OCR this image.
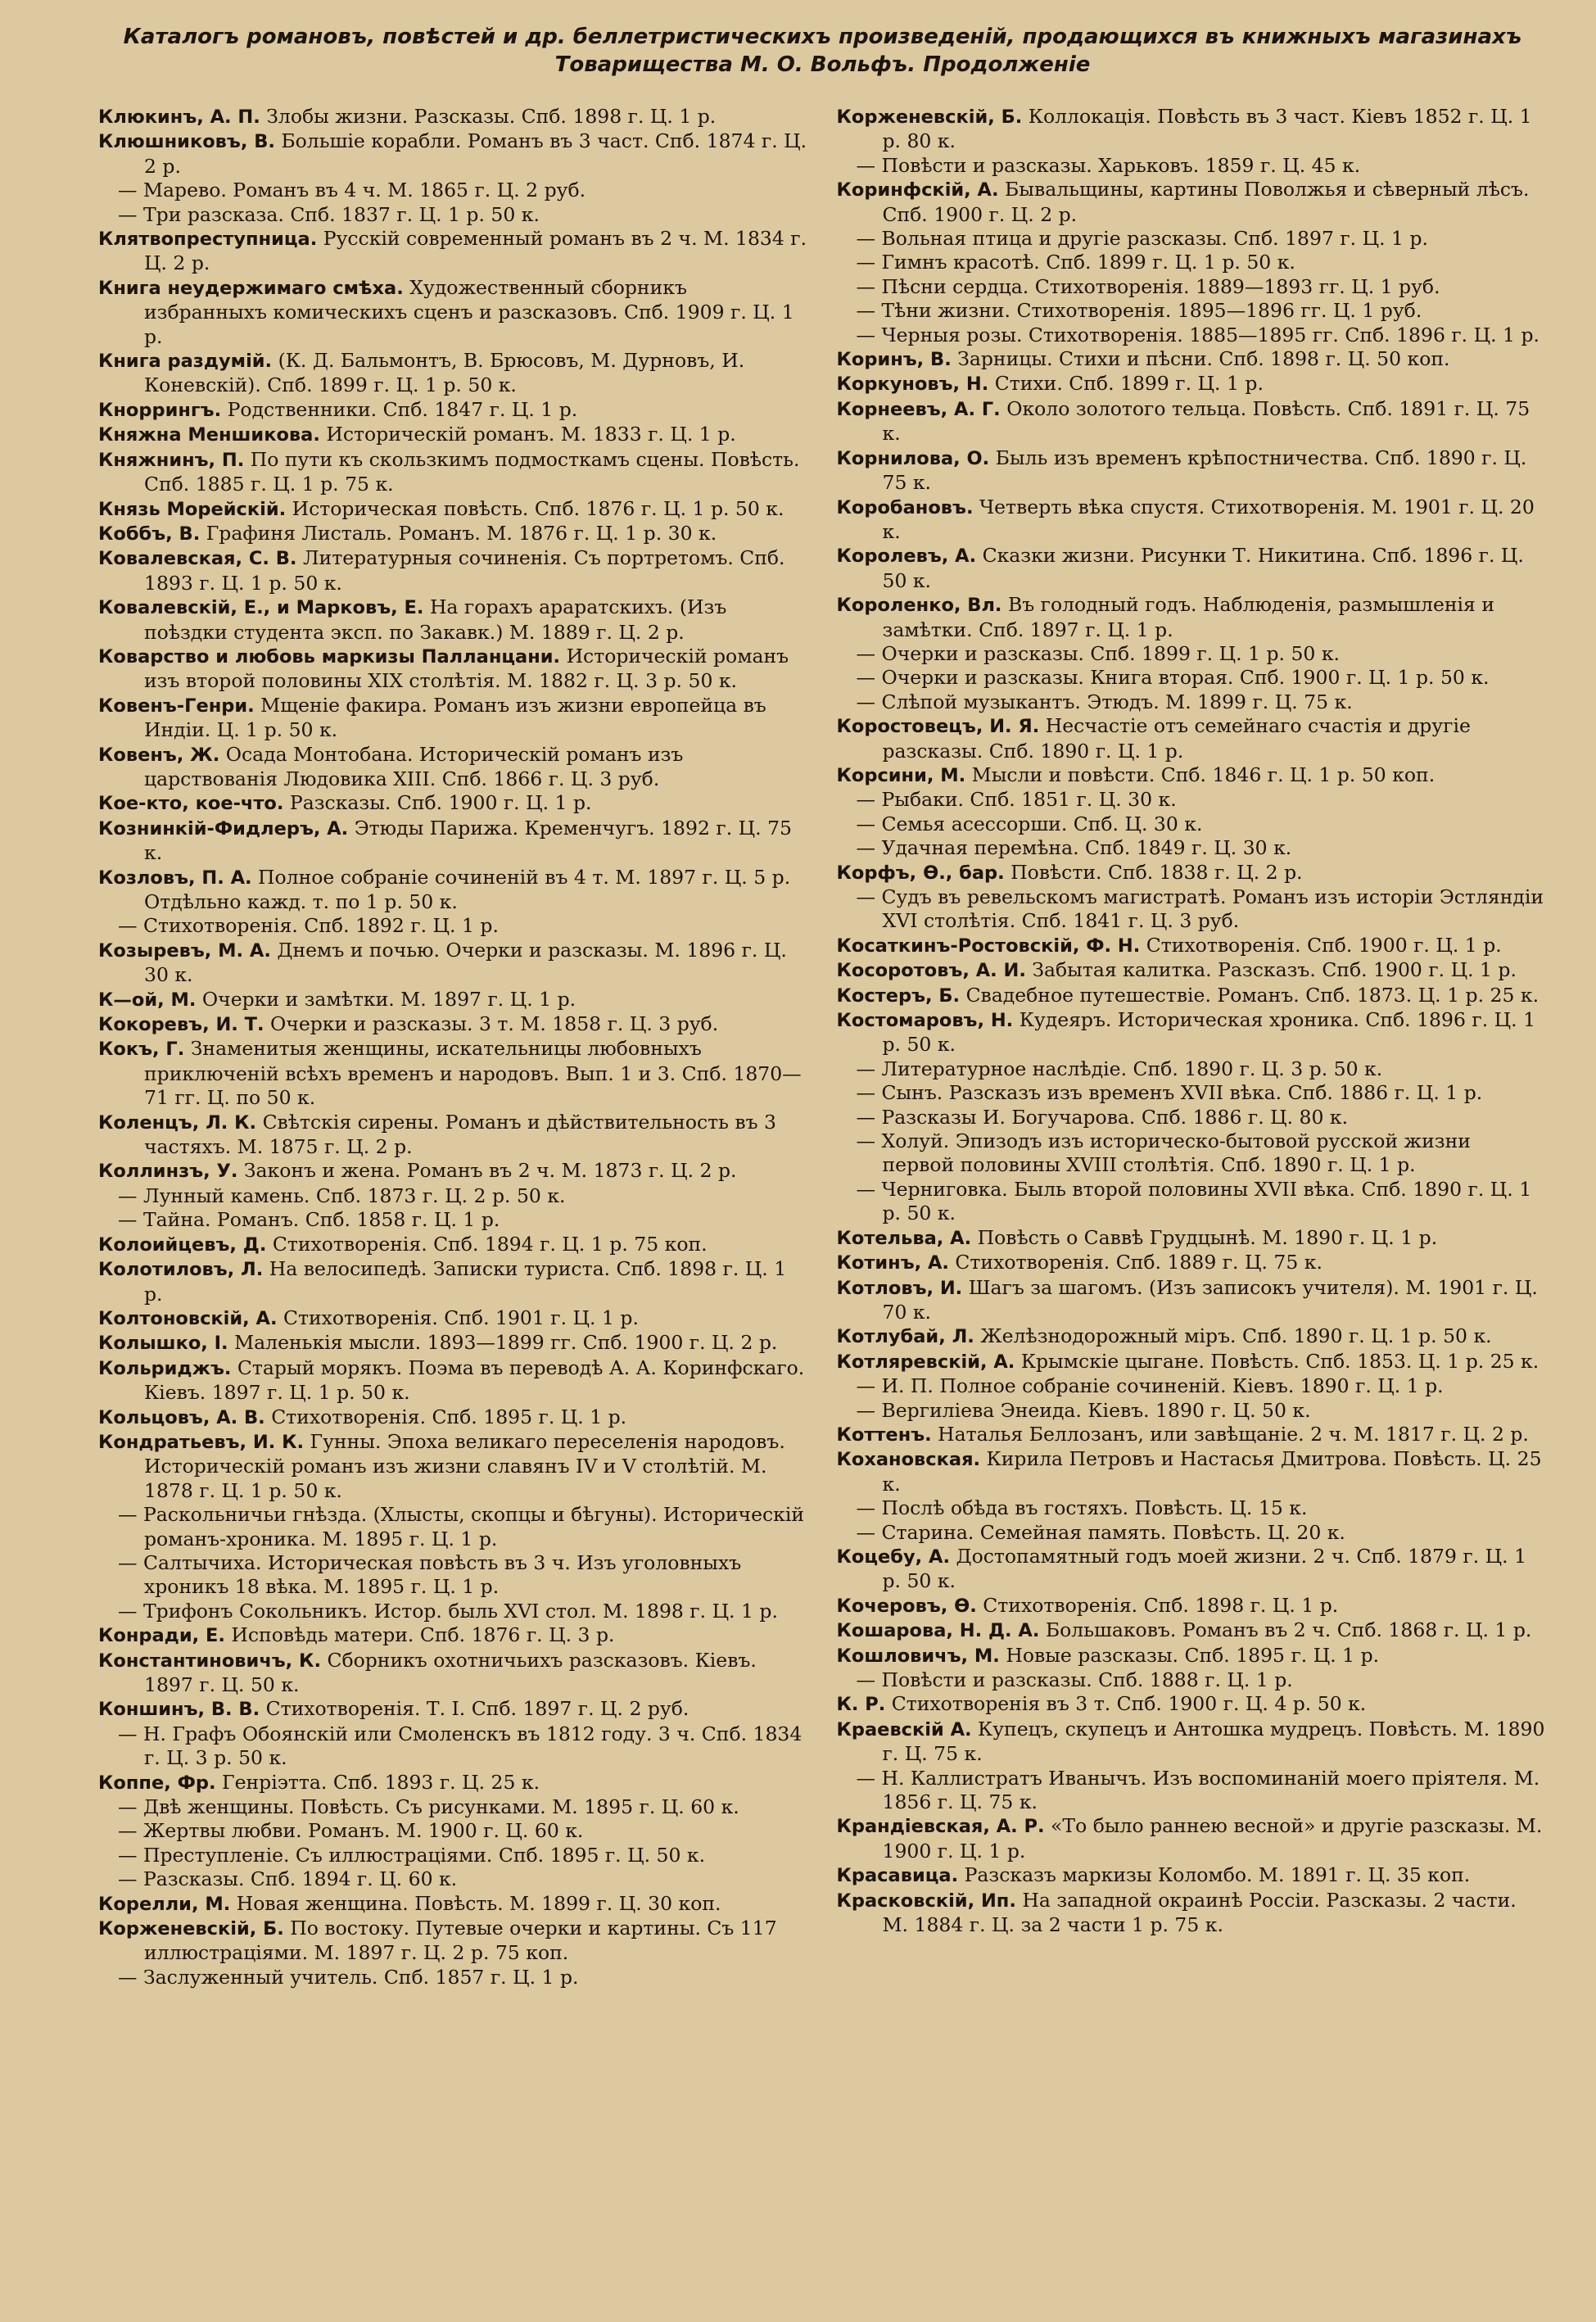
Каталогъ романовъ, повѣстей и др. беллетристическихъ произведеній, продающихся въ книжныхъ магазинахъ
Товарищества М. О. Вольфъ. Продолженіе
Клюкинъ, А. П. Злобы жизни. Разсказы. Спб. 1898 г. Ц. 1 р.
Клюшниковъ, В. Большіе корабли. Романъ въ 3 част. Спб. 1874 г. Ц. 2 р.
— Марево. Романъ въ 4 ч. М. 1865 г. Ц. 2 руб.
— Три разсказа. Спб. 1837 г. Ц. 1 р. 50 к.
Клятвопреступница. Русскій современный романъ въ 2 ч. М. 1834 г. Ц. 2 р.
Книга неудержимаго смѣха. Художественный сборникъ избранныхъ комическихъ сценъ и разсказовъ. Спб. 1909 г. Ц. 1 р.
Книга раздумій. (К. Д. Бальмонтъ, В. Брюсовъ, М. Дурновъ, И. Коневскій). Спб. 1899 г. Ц. 1 р. 50 к.
Кноррингъ. Родственники. Спб. 1847 г. Ц. 1 р.
Княжна Меншикова. Историческій романъ. М. 1833 г. Ц. 1 р.
Княжнинъ, П. По пути къ скользкимъ подмосткамъ сцены. Повѣсть. Спб. 1885 г. Ц. 1 р. 75 к.
Князь Морейскій. Историческая повѣсть. Спб. 1876 г. Ц. 1 р. 50 к.
Коббъ, В. Графиня Листаль. Романъ. М. 1876 г. Ц. 1 р. 30 к.
Ковалевская, С. В. Литературныя сочиненія. Съ портретомъ. Спб. 1893 г. Ц. 1 р. 50 к.
Ковалевскій, Е., и Марковъ, Е. На горахъ араратскихъ. (Изъ поѣздки студента эксп. по Закавк.) М. 1889 г. Ц. 2 р.
Коварство и любовь маркизы Палланцани. Историческій романъ изъ второй половины XIX столѣтія. М. 1882 г. Ц. 3 р. 50 к.
Ковенъ-Генри. Мщеніе факира. Романъ изъ жизни европейца въ Индіи. Ц. 1 р. 50 к.
Ковенъ, Ж. Осада Монтобана. Историческій романъ изъ царствованія Людовика XIII. Спб. 1866 г. Ц. 3 руб.
Кое-кто, кое-что. Разсказы. Спб. 1900 г. Ц. 1 р.
Кознинкій-Фидлеръ, А. Этюды Парижа. Кременчугъ. 1892 г. Ц. 75 к.
Козловъ, П. А. Полное собраніе сочиненій въ 4 т. М. 1897 г. Ц. 5 р. Отдѣльно кажд. т. по 1 р. 50 к.
— Стихотворенія. Спб. 1892 г. Ц. 1 р.
Козыревъ, М. А. Днемъ и почью. Очерки и разсказы. М. 1896 г. Ц. 30 к.
К—ой, М. Очерки и замѣтки. М. 1897 г. Ц. 1 р.
Кокоревъ, И. Т. Очерки и разсказы. 3 т. М. 1858 г. Ц. 3 руб.
Кокъ, Г. Знаменитыя женщины, искательницы любовныхъ приключеній всѣхъ временъ и народовъ. Вып. 1 и 3. Спб. 1870—71 гг. Ц. по 50 к.
Коленцъ, Л. К. Свѣтскія сирены. Романъ и дѣйствительность въ 3 частяхъ. М. 1875 г. Ц. 2 р.
Коллинзъ, У. Законъ и жена. Романъ въ 2 ч. М. 1873 г. Ц. 2 р.
— Лунный камень. Спб. 1873 г. Ц. 2 р. 50 к.
— Тайна. Романъ. Спб. 1858 г. Ц. 1 р.
Колоийцевъ, Д. Стихотворенія. Спб. 1894 г. Ц. 1 р. 75 коп.
Колотиловъ, Л. На велосипедѣ. Записки туриста. Спб. 1898 г. Ц. 1 р.
Колтоновскій, А. Стихотворенія. Спб. 1901 г. Ц. 1 р.
Колышко, І. Маленькія мысли. 1893—1899 гг. Спб. 1900 г. Ц. 2 р.
Кольриджъ. Старый морякъ. Поэма въ переводѣ А. А. Коринфскаго. Кіевъ. 1897 г. Ц. 1 р. 50 к.
Кольцовъ, А. В. Стихотворенія. Спб. 1895 г. Ц. 1 р.
Кондратьевъ, И. К. Гунны. Эпоха великаго переселенія народовъ. Историческій романъ изъ жизни славянъ IV и V столѣтій. М. 1878 г. Ц. 1 р. 50 к.
— Раскольничьи гнѣзда. (Хлысты, скопцы и бѣгуны). Историческій романъ-хроника. М. 1895 г. Ц. 1 р.
— Салтычиха. Историческая повѣсть въ 3 ч. Изъ уголовныхъ хроникъ 18 вѣка. М. 1895 г. Ц. 1 р.
— Трифонъ Сокольникъ. Истор. быль XVI стол. М. 1898 г. Ц. 1 р.
Конради, Е. Исповѣдь матери. Спб. 1876 г. Ц. 3 р.
Константиновичъ, К. Сборникъ охотничьихъ разсказовъ. Кіевъ. 1897 г. Ц. 50 к.
Коншинъ, В. В. Стихотворенія. Т. I. Спб. 1897 г. Ц. 2 руб.
— Н. Графъ Обоянскій или Смоленскъ въ 1812 году. 3 ч. Спб. 1834 г. Ц. 3 р. 50 к.
Коппе, Фр. Генріэтта. Спб. 1893 г. Ц. 25 к.
— Двѣ женщины. Повѣсть. Съ рисунками. М. 1895 г. Ц. 60 к.
— Жертвы любви. Романъ. М. 1900 г. Ц. 60 к.
— Преступленіе. Съ иллюстраціями. Спб. 1895 г. Ц. 50 к.
— Разсказы. Спб. 1894 г. Ц. 60 к.
Корелли, М. Новая женщина. Повѣсть. М. 1899 г. Ц. 30 коп.
Корженевскій, Б. По востоку. Путевые очерки и картины. Съ 117 иллюстраціями. М. 1897 г. Ц. 2 р. 75 коп.
— Заслуженный учитель. Спб. 1857 г. Ц. 1 р.
Корженевскій, Б. Коллокація. Повѣсть въ 3 част. Кіевъ 1852 г. Ц. 1 р. 80 к.
— Повѣсти и разсказы. Харьковъ. 1859 г. Ц. 45 к.
Коринфскій, А. Бывальщины, картины Поволжья и сѣверный лѣсъ. Спб. 1900 г. Ц. 2 р.
— Вольная птица и другіе разсказы. Спб. 1897 г. Ц. 1 р.
— Гимнъ красотѣ. Спб. 1899 г. Ц. 1 р. 50 к.
— Пѣсни сердца. Стихотворенія. 1889—1893 гг. Ц. 1 руб.
— Тѣни жизни. Стихотворенія. 1895—1896 гг. Ц. 1 руб.
— Черныя розы. Стихотворенія. 1885—1895 гг. Спб. 1896 г. Ц. 1 р.
Коринъ, В. Зарницы. Стихи и пѣсни. Спб. 1898 г. Ц. 50 коп.
Коркуновъ, Н. Стихи. Спб. 1899 г. Ц. 1 р.
Корнеевъ, А. Г. Около золотого тельца. Повѣсть. Спб. 1891 г. Ц. 75 к.
Корнилова, О. Быль изъ временъ крѣпостничества. Спб. 1890 г. Ц. 75 к.
Коробановъ. Четверть вѣка спустя. Стихотворенія. М. 1901 г. Ц. 20 к.
Королевъ, А. Сказки жизни. Рисунки Т. Никитина. Спб. 1896 г. Ц. 50 к.
Короленко, Вл. Въ голодный годъ. Наблюденія, размышленія и замѣтки. Спб. 1897 г. Ц. 1 р.
— Очерки и разсказы. Спб. 1899 г. Ц. 1 р. 50 к.
— Очерки и разсказы. Книга вторая. Спб. 1900 г. Ц. 1 р. 50 к.
— Слѣпой музыкантъ. Этюдъ. М. 1899 г. Ц. 75 к.
Коростовецъ, И. Я. Несчастіе отъ семейнаго счастія и другіе разсказы. Спб. 1890 г. Ц. 1 р.
Корсини, М. Мысли и повѣсти. Спб. 1846 г. Ц. 1 р. 50 коп.
— Рыбаки. Спб. 1851 г. Ц. 30 к.
— Семья асессорши. Спб. Ц. 30 к.
— Удачная перемѣна. Спб. 1849 г. Ц. 30 к.
Корфъ, Ѳ., бар. Повѣсти. Спб. 1838 г. Ц. 2 р.
— Судъ въ ревельскомъ магистратѣ. Романъ изъ исторіи Эстляндіи XVI столѣтія. Спб. 1841 г. Ц. 3 руб.
Косаткинъ-Ростовскій, Ф. Н. Стихотворенія. Спб. 1900 г. Ц. 1 р.
Косоротовъ, А. И. Забытая калитка. Разсказъ. Спб. 1900 г. Ц. 1 р.
Костеръ, Б. Свадебное путешествіе. Романъ. Спб. 1873. Ц. 1 р. 25 к.
Костомаровъ, Н. Кудеяръ. Историческая хроника. Спб. 1896 г. Ц. 1 р. 50 к.
— Литературное наслѣдіе. Спб. 1890 г. Ц. 3 р. 50 к.
— Сынъ. Разсказъ изъ временъ XVII вѣка. Спб. 1886 г. Ц. 1 р.
— Разсказы И. Богучарова. Спб. 1886 г. Ц. 80 к.
— Холуй. Эпизодъ изъ историческо-бытовой русской жизни первой половины XVIII столѣтія. Спб. 1890 г. Ц. 1 р.
— Черниговка. Быль второй половины XVII вѣка. Спб. 1890 г. Ц. 1 р. 50 к.
Котельва, А. Повѣсть о Саввѣ Грудцынѣ. М. 1890 г. Ц. 1 р.
Котинъ, А. Стихотворенія. Спб. 1889 г. Ц. 75 к.
Котловъ, И. Шагъ за шагомъ. (Изъ записокъ учителя). М. 1901 г. Ц. 70 к.
Котлубай, Л. Желѣзнодорожный міръ. Спб. 1890 г. Ц. 1 р. 50 к.
Котляревскій, А. Крымскіе цыгане. Повѣсть. Спб. 1853. Ц. 1 р. 25 к.
— И. П. Полное собраніе сочиненій. Кіевъ. 1890 г. Ц. 1 р.
— Вергиліева Энеида. Кіевъ. 1890 г. Ц. 50 к.
Коттенъ. Наталья Беллозанъ, или завѣщаніе. 2 ч. М. 1817 г. Ц. 2 р.
Кохановская. Кирила Петровъ и Настасья Дмитрова. Повѣсть. Ц. 25 к.
— Послѣ обѣда въ гостяхъ. Повѣсть. Ц. 15 к.
— Старина. Семейная память. Повѣсть. Ц. 20 к.
Коцебу, А. Достопамятный годъ моей жизни. 2 ч. Спб. 1879 г. Ц. 1 р. 50 к.
Кочеровъ, Ѳ. Стихотворенія. Спб. 1898 г. Ц. 1 р.
Кошарова, Н. Д. А. Большаковъ. Романъ въ 2 ч. Спб. 1868 г. Ц. 1 р.
Кошловичъ, М. Новые разсказы. Спб. 1895 г. Ц. 1 р.
— Повѣсти и разсказы. Спб. 1888 г. Ц. 1 р.
К. Р. Стихотворенія въ 3 т. Спб. 1900 г. Ц. 4 р. 50 к.
Краевскій А. Купецъ, скупецъ и Антошка мудрецъ. Повѣсть. М. 1890 г. Ц. 75 к.
— Н. Каллистратъ Иванычъ. Изъ воспоминаній моего пріятеля. М. 1856 г. Ц. 75 к.
Крандіевская, А. Р. «То было раннею весной» и другіе разсказы. М. 1900 г. Ц. 1 р.
Красавица. Разсказъ маркизы Коломбо. М. 1891 г. Ц. 35 коп.
Красковскій, Ип. На западной окраинѣ Россіи. Разсказы. 2 части. М. 1884 г. Ц. за 2 части 1 р. 75 к.
